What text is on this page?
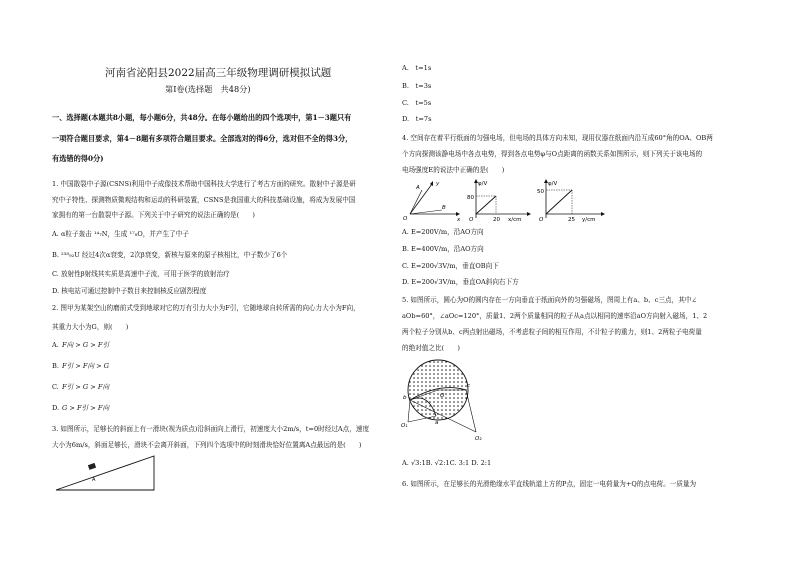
河南省泌阳县2022届高三年级物理调研模拟试题
第Ⅰ卷(选择题　共48分)
一、选择题(本题共8小题，每小题6分，共48分。在每小题给出的四个选项中，第1－3题只有
一项符合题目要求，第4－8题有多项符合题目要求。全部选对的得6分，选对但不全的得3分，
有选错的得0分)
1. 中国散裂中子源(CSNS)利用中子成像技术帮助中国科技大学进行了考古方面的研究。散射中子源是研
究中子特性、探测物质微观结构和运动的科研装置，CSNS是我国重大的科技基础设施，将成为发展中国
家拥有的第一台散裂中子源。下列关于中子研究的说法正确的是(　　)
A. α粒子轰击 ¹⁴₇N，生成 ¹⁷₈O，并产生了中子
B. ²³⁸₉₂U 经过4次α衰变，2次β衰变，新核与原来的原子核相比，中子数少了6个
C. 放射性β射线其实质是高速中子流，可用于医学的放射治疗
D. 核电站可通过控制中子数目来控制核反应剧烈程度
2. 图甲为某架空山的磨前式受到地球对它的万有引力大小为F引，它随地球自转所需的向心力大小为F向，
其重力大小为G，则(　　)
A. F向 > G > F引
B. F引 > F向 > G
C. F引 > G > F向
D. G > F引 > F向
3. 如图所示，足够长的斜面上有一滑块(视为质点)沿斜面向上滑行，初速度大小2m/s，t=0时经过A点，速度
大小为6m/s，斜面足够长，滑块不会离开斜面，下列四个选项中的时刻滑块恰好位置离A点最远的是(　　)
A
A.　t=1s
B.　t=3s
C.　t=5s
D.　t=7s
4. 空间存在着平行纸面的匀强电场，但电场的具体方向未知，现用仪器在纸面内沿互成60°角的OA、OB两
个方向探测该静电场中各点电势，得到各点电势φ与O点距离的函数关系如图所示，则下列关于该电场的
电场强度E的说法中正确的是(　　)
O
A
y
B
x
φ/V
80
20 x/cm
O
φ/V
50
25 y/cm
O
A. E=200V/m，沿AO方向
B. E=400V/m，沿AO方向
C. E=200√3V/m，垂直OB向下
D. E=200√3V/m，垂直OA斜向右下方
5. 如图所示，圆心为O的圆内存在一方向垂直于纸面向外的匀强磁场，图周上有a、b、c三点，其中∠
aOb=60°，∠aOc=120°，质量1、2两个质量相同的粒子从a点以相同的速率沿aO方向射入磁场，1、2
两个粒子分别从b、c两点射出磁场，不考虑粒子间的相互作用，不计粒子的重力，则1、2两粒子电荷量
的绝对值之比(　　)
b
a
c
O
O₁
O₂
A. √3:1B. √2:1C. 3:1 D. 2:1
6. 如图所示，在足够长的光滑绝缘水平直线轨道上方的P点，固定一电荷量为+Q的点电荷。一质量为
